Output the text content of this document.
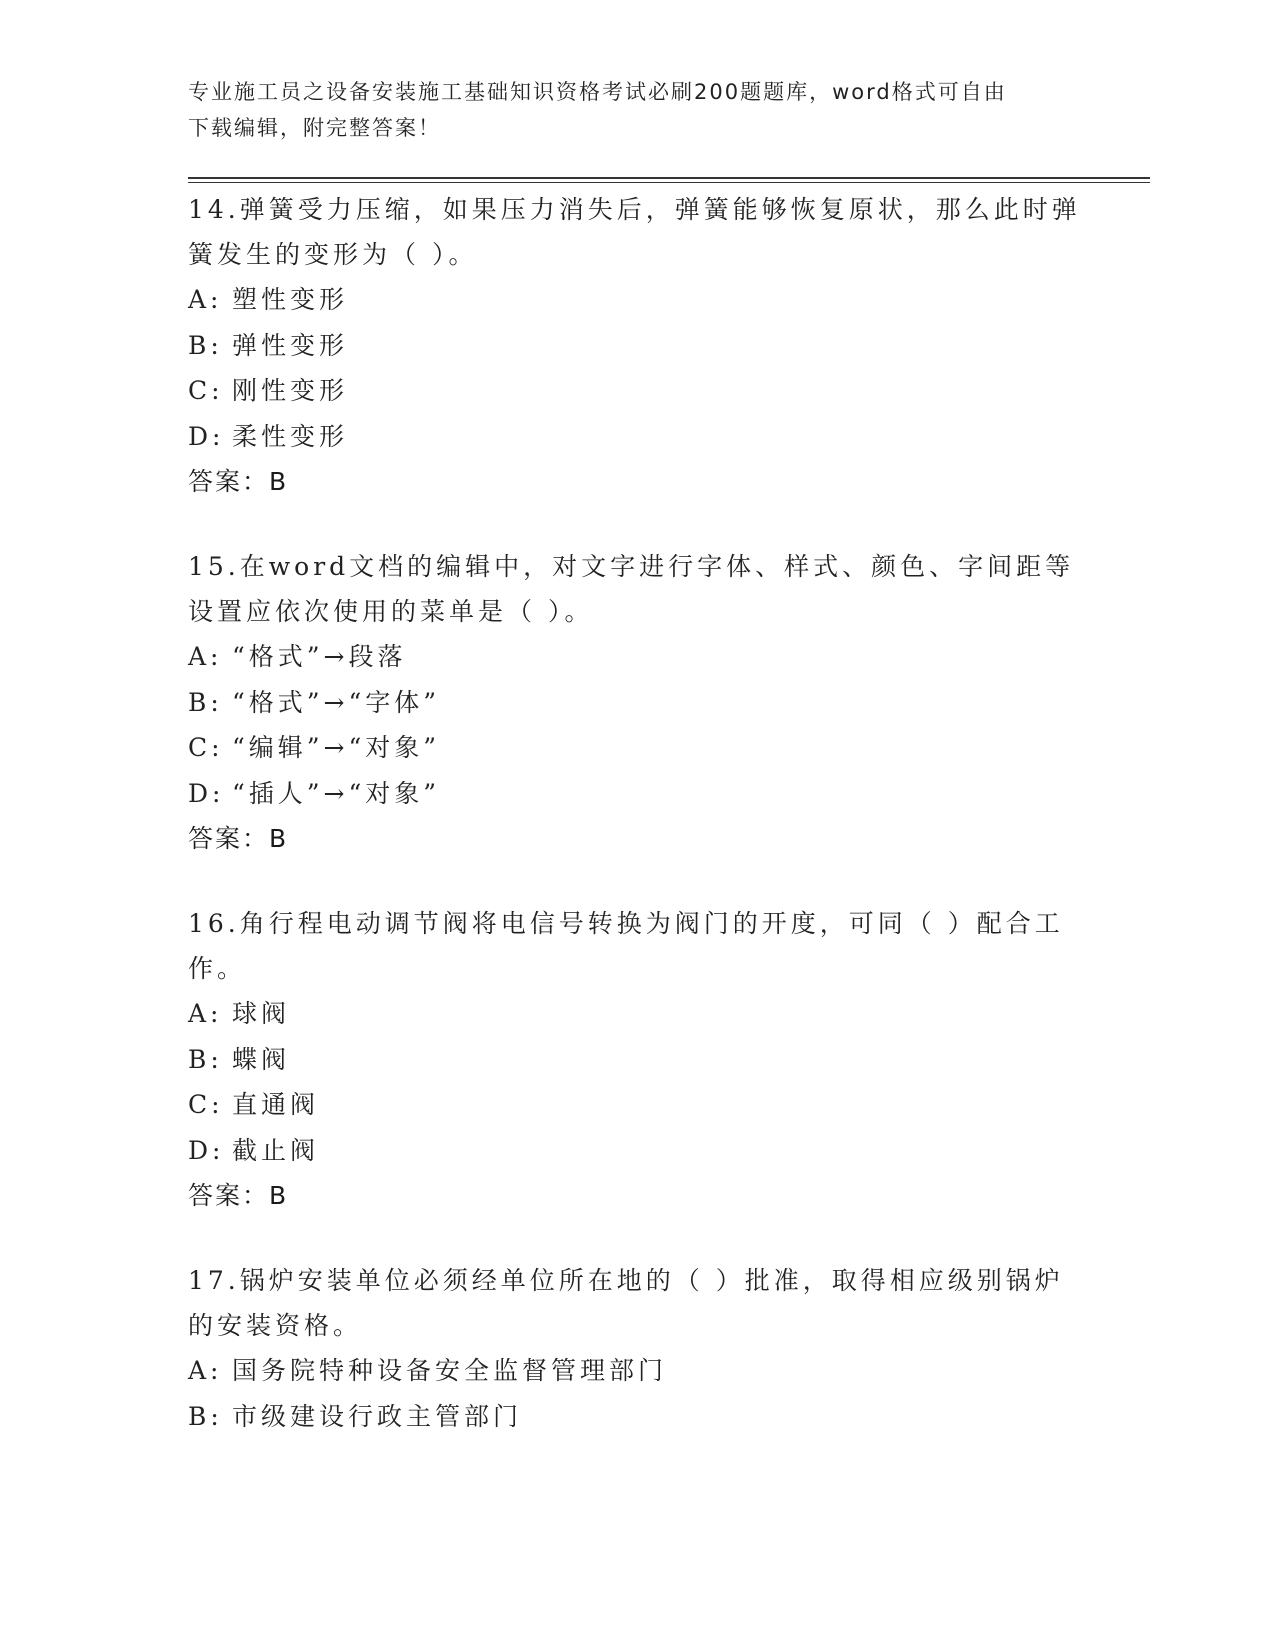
专业施工员之设备安装施工基础知识资格考试必刷200题题库，word格式可自由
下载编辑，附完整答案！

14.弹簧受力压缩，如果压力消失后，弹簧能够恢复原状，那么此时弹

簧发生的变形为（ ）。

A: 塑性变形

B: 弹性变形

C: 刚性变形

D: 柔性变形

答案：B

15.在word文档的编辑中，对文字进行字体、样式、颜色、字间距等

设置应依次使用的菜单是（ ）。

A: “格式”→段落

B: “格式”→“字体”

C: “编辑”→“对象”

D: “插人”→“对象”

答案：B

16.角行程电动调节阀将电信号转换为阀门的开度，可同（ ）配合工

作。

A: 球阀

B: 蝶阀

C: 直通阀

D: 截止阀

答案：B

17.锅炉安装单位必须经单位所在地的（ ）批准，取得相应级别锅炉

的安装资格。

A: 国务院特种设备安全监督管理部门

B: 市级建设行政主管部门
